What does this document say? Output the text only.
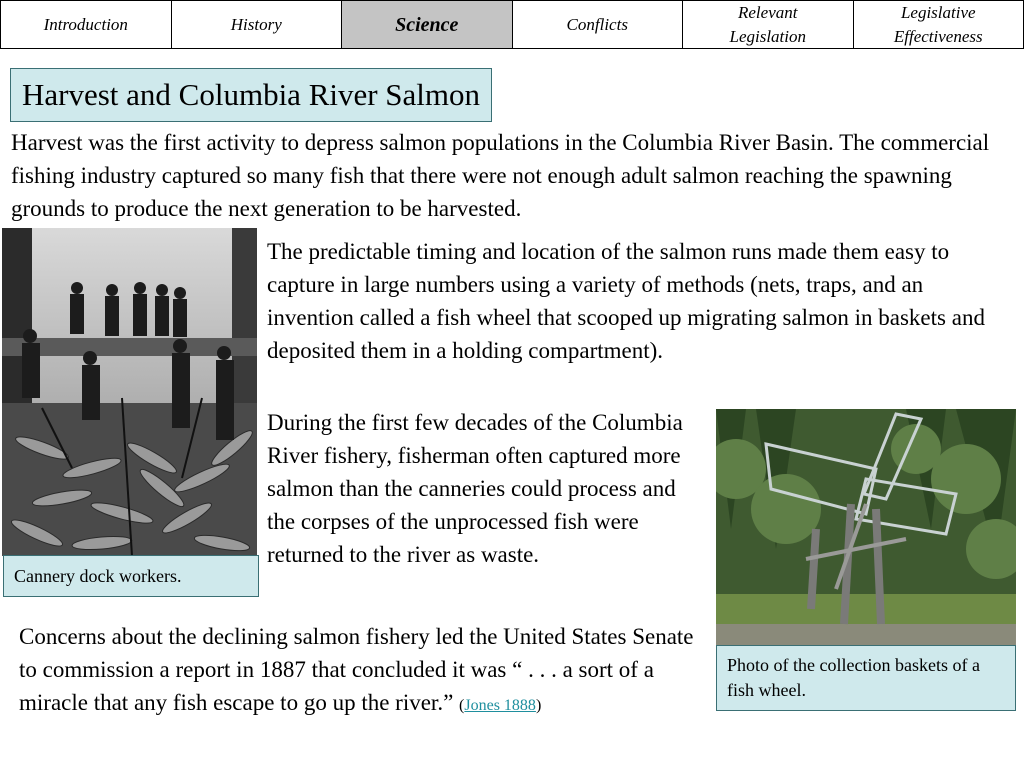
Introduction	History	Science	Conflicts
Relevant
Legislation
Legislative
Effectiveness
Harvest and Columbia River Salmon

Harvest was the first activity to depress salmon populations in the Columbia River Basin. The commercial fishing industry captured so many fish that there were not enough adult salmon reaching the spawning grounds to produce the next generation to be harvested.

Cannery dock workers.

The predictable timing and location of the salmon runs made them easy to capture in large numbers using a variety of methods (nets, traps, and an invention called a fish wheel that scooped up migrating salmon in baskets and deposited them in a holding compartment).

During the first few decades of the Columbia River fishery, fisherman often captured more salmon than the canneries could process and the corpses of the unprocessed fish were returned to the river as waste.

Photo of the collection baskets of a fish wheel.

Concerns about the declining salmon fishery led the United States Senate to commission a report in 1887 that concluded it was “ . . . a sort of a miracle that any fish escape to go up the river.” (Jones 1888)
